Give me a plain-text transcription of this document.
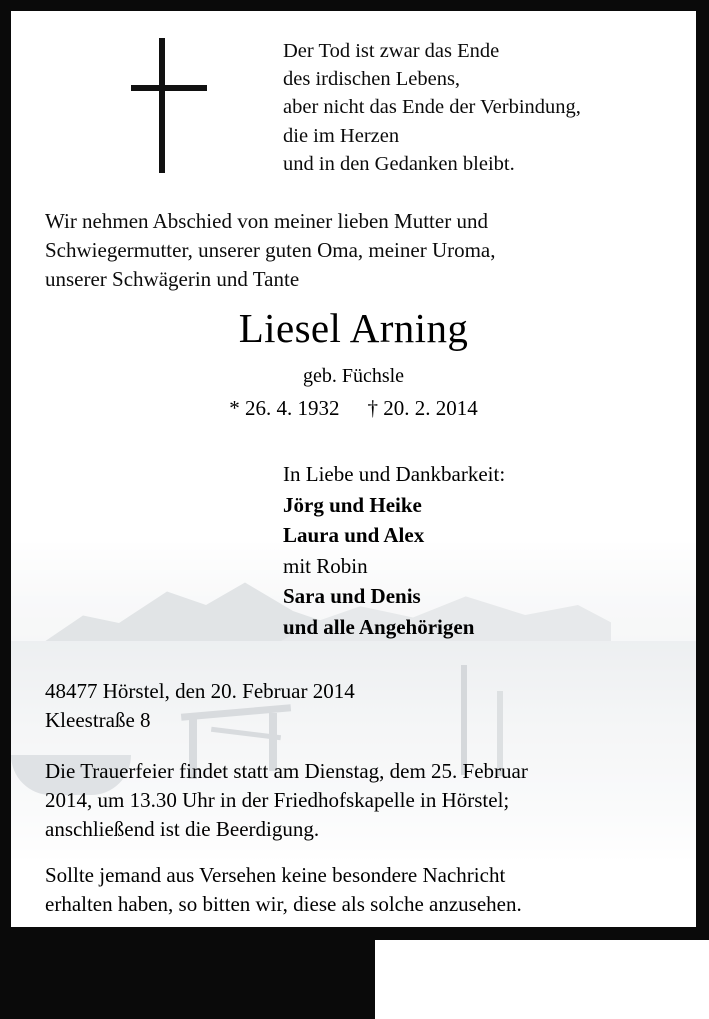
Der Tod ist zwar das Ende
des irdischen Lebens,
aber nicht das Ende der Verbindung,
die im Herzen
und in den Gedanken bleibt.
Wir nehmen Abschied von meiner lieben Mutter und
Schwiegermutter, unserer guten Oma, meiner Uroma,
unserer Schwägerin und Tante
Liesel Arning
geb. Füchsle
* 26. 4. 1932 † 20. 2. 2014
In Liebe und Dankbarkeit:
Jörg und Heike
Laura und Alex
mit Robin
Sara und Denis
und alle Angehörigen
48477 Hörstel, den 20. Februar 2014
Kleestraße 8
Die Trauerfeier findet statt am Dienstag, dem 25. Februar
2014, um 13.30 Uhr in der Friedhofskapelle in Hörstel;
anschließend ist die Beerdigung.
Sollte jemand aus Versehen keine besondere Nachricht
erhalten haben, so bitten wir, diese als solche anzusehen.
